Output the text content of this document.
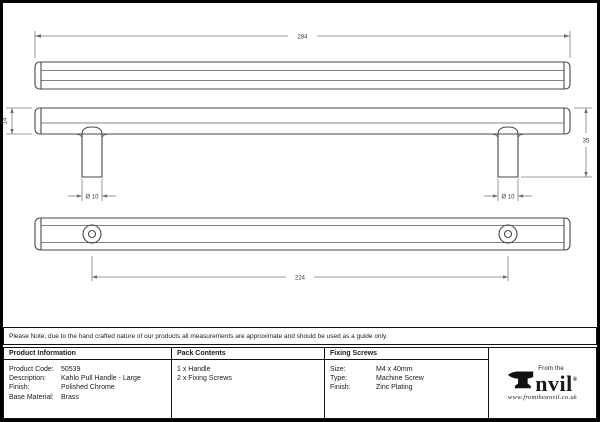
284
14
35
Ø 10	Ø 10
224
Please Note, due to the hand crafted nature of our products all measurements are approximate and should be used as a guide only.
Product Information
Product Code:	50539
Description:	Kahlo Pull Handle - Large
Finish:	Polished Chrome
Base Material:	Brass
Pack Contents
1 x Handle
2 x Fixing Screws
Fixing Screws
Size:	M4 x 40mm
Type:	Machine Screw
Finish:	Zinc Plating
From the
nvil®
www.fromtheanvil.co.uk
